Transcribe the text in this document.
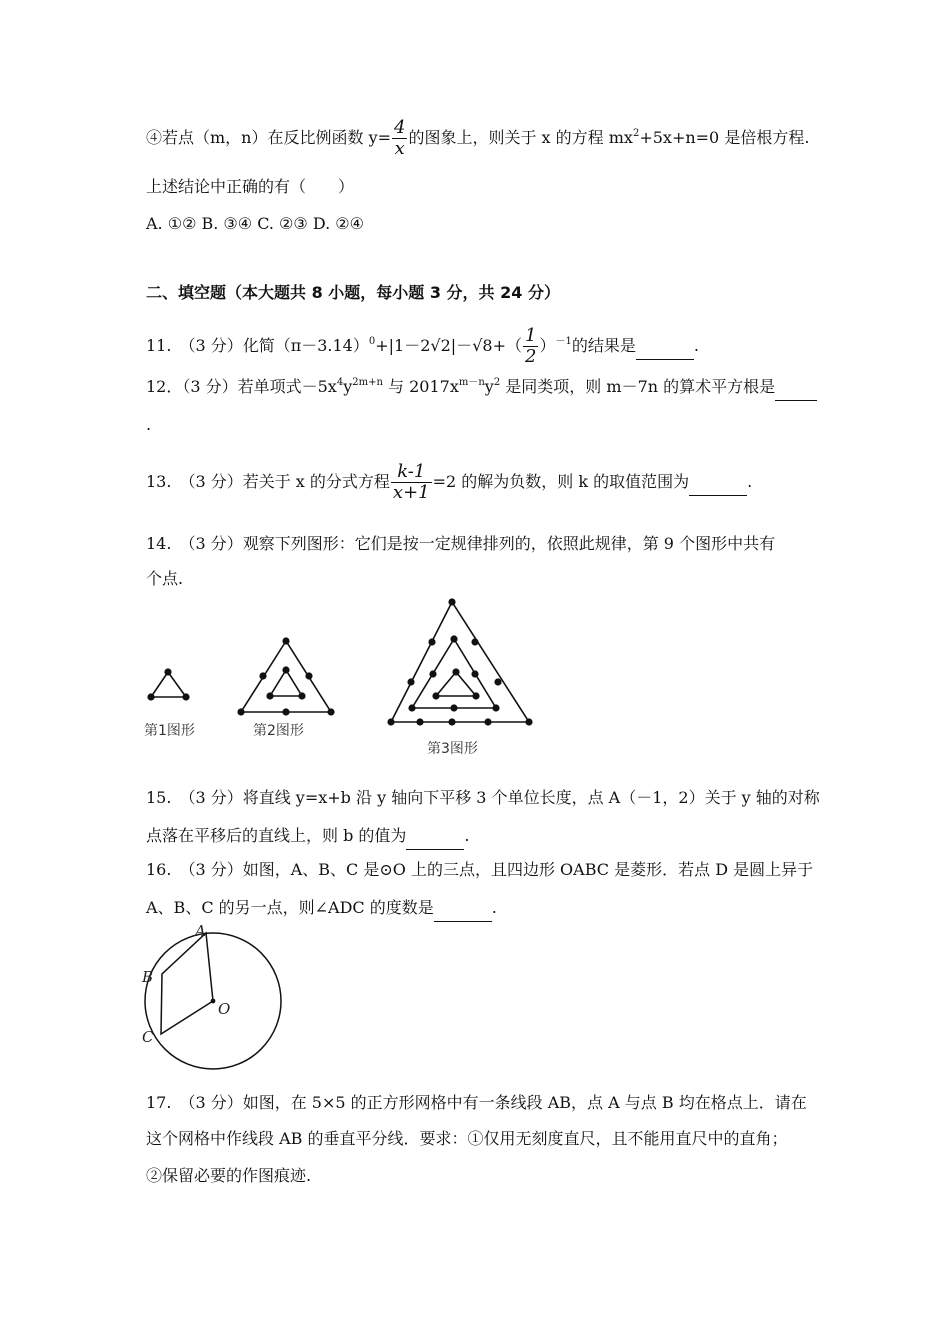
④若点（m，n）在反比例函数 $y= \frac{4}{x}$ 的图象上，则关于 x 的方程 $mx^2+5x+n=0$ 是倍根方程.
上述结论中正确的有（　　）
A. ①② B. ③④ C. ②③ D. ②④
二、填空题（本大题共 8 小题，每小题 3 分，共 24 分）
11.　（3 分）化简$(\pi-3.14)^0+|1-2√2|-√8+( \frac{1}{2} )^{-1}$的结果是	.
12．（3 分）若单项式$-5x^4y^{2m+n}$ 与 $2017x^{m-n}y^2$ 是同类项，则 m－7n 的算术平方根是
.
13.　（3 分）若关于 x 的分式方程 $\frac{k-1}{x+1} =2$ 的解为负数，则 k 的取值范围为	.
14.　（3 分）观察下列图形：它们是按一定规律排列的，依照此规律，第 9 个图形中共有
个点.
第1图形	第2图形
第3图形
15.　（3 分）将直线 y=x+b 沿 y 轴向下平移 3 个单位长度，点 A（－1，2）关于 y 轴的对称
点落在平移后的直线上，则 b 的值为	.
16.　（3 分）如图，A、B、C 是⊙O 上的三点，且四边形 OABC 是菱形．若点 D 是圆上异于
A、B、C 的另一点，则∠ADC 的度数是	.
A
B
C
O
17.　（3 分）如图，在 5×5 的正方形网格中有一条线段 AB，点 A 与点 B 均在格点上．请在
这个网格中作线段 AB 的垂直平分线．要求：①仅用无刻度直尺，且不能用直尺中的直角；
②保留必要的作图痕迹.
